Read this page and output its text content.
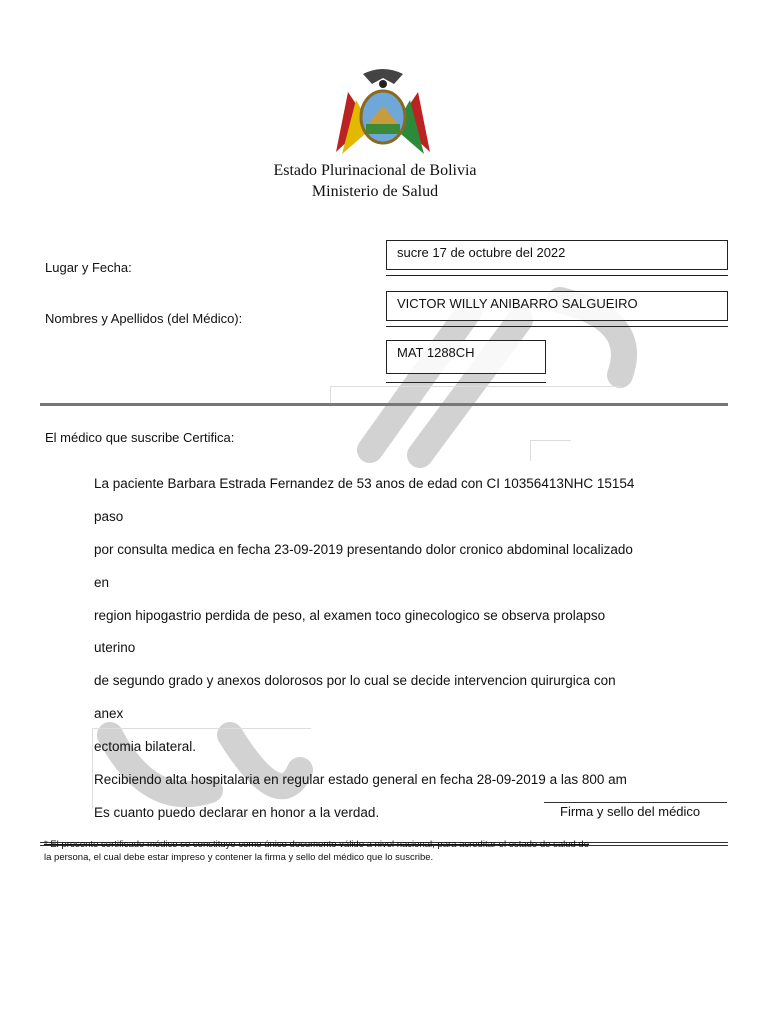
Estado Plurinacional de Bolivia
Ministerio de Salud
Lugar y Fecha:
sucre 17 de octubre del 2022
Nombres y Apellidos (del Médico):
VICTOR WILLY ANIBARRO SALGUEIRO
MAT 1288CH
El médico que suscribe Certifica:

La paciente Barbara Estrada Fernandez de 53 anos de edad con CI 10356413NHC 15154

paso

por consulta medica en fecha 23-09-2019 presentando dolor cronico abdominal localizado

en

region hipogastrio perdida de peso, al examen toco ginecologico se observa prolapso

uterino

de segundo grado y anexos dolorosos por lo cual se decide intervencion quirurgica con

anex

ectomia bilateral.

Recibiendo alta hospitalaria en regular estado general en fecha 28-09-2019 a las 800 am

Es cuanto puedo declarar en honor a la verdad.	Firma y sello del médico
* El presente certificado médico se constituye como único documento válido a nivel nacional, para acreditar el estado de salud de
la persona, el cual debe estar impreso y contener la firma y sello del médico que lo suscribe.
